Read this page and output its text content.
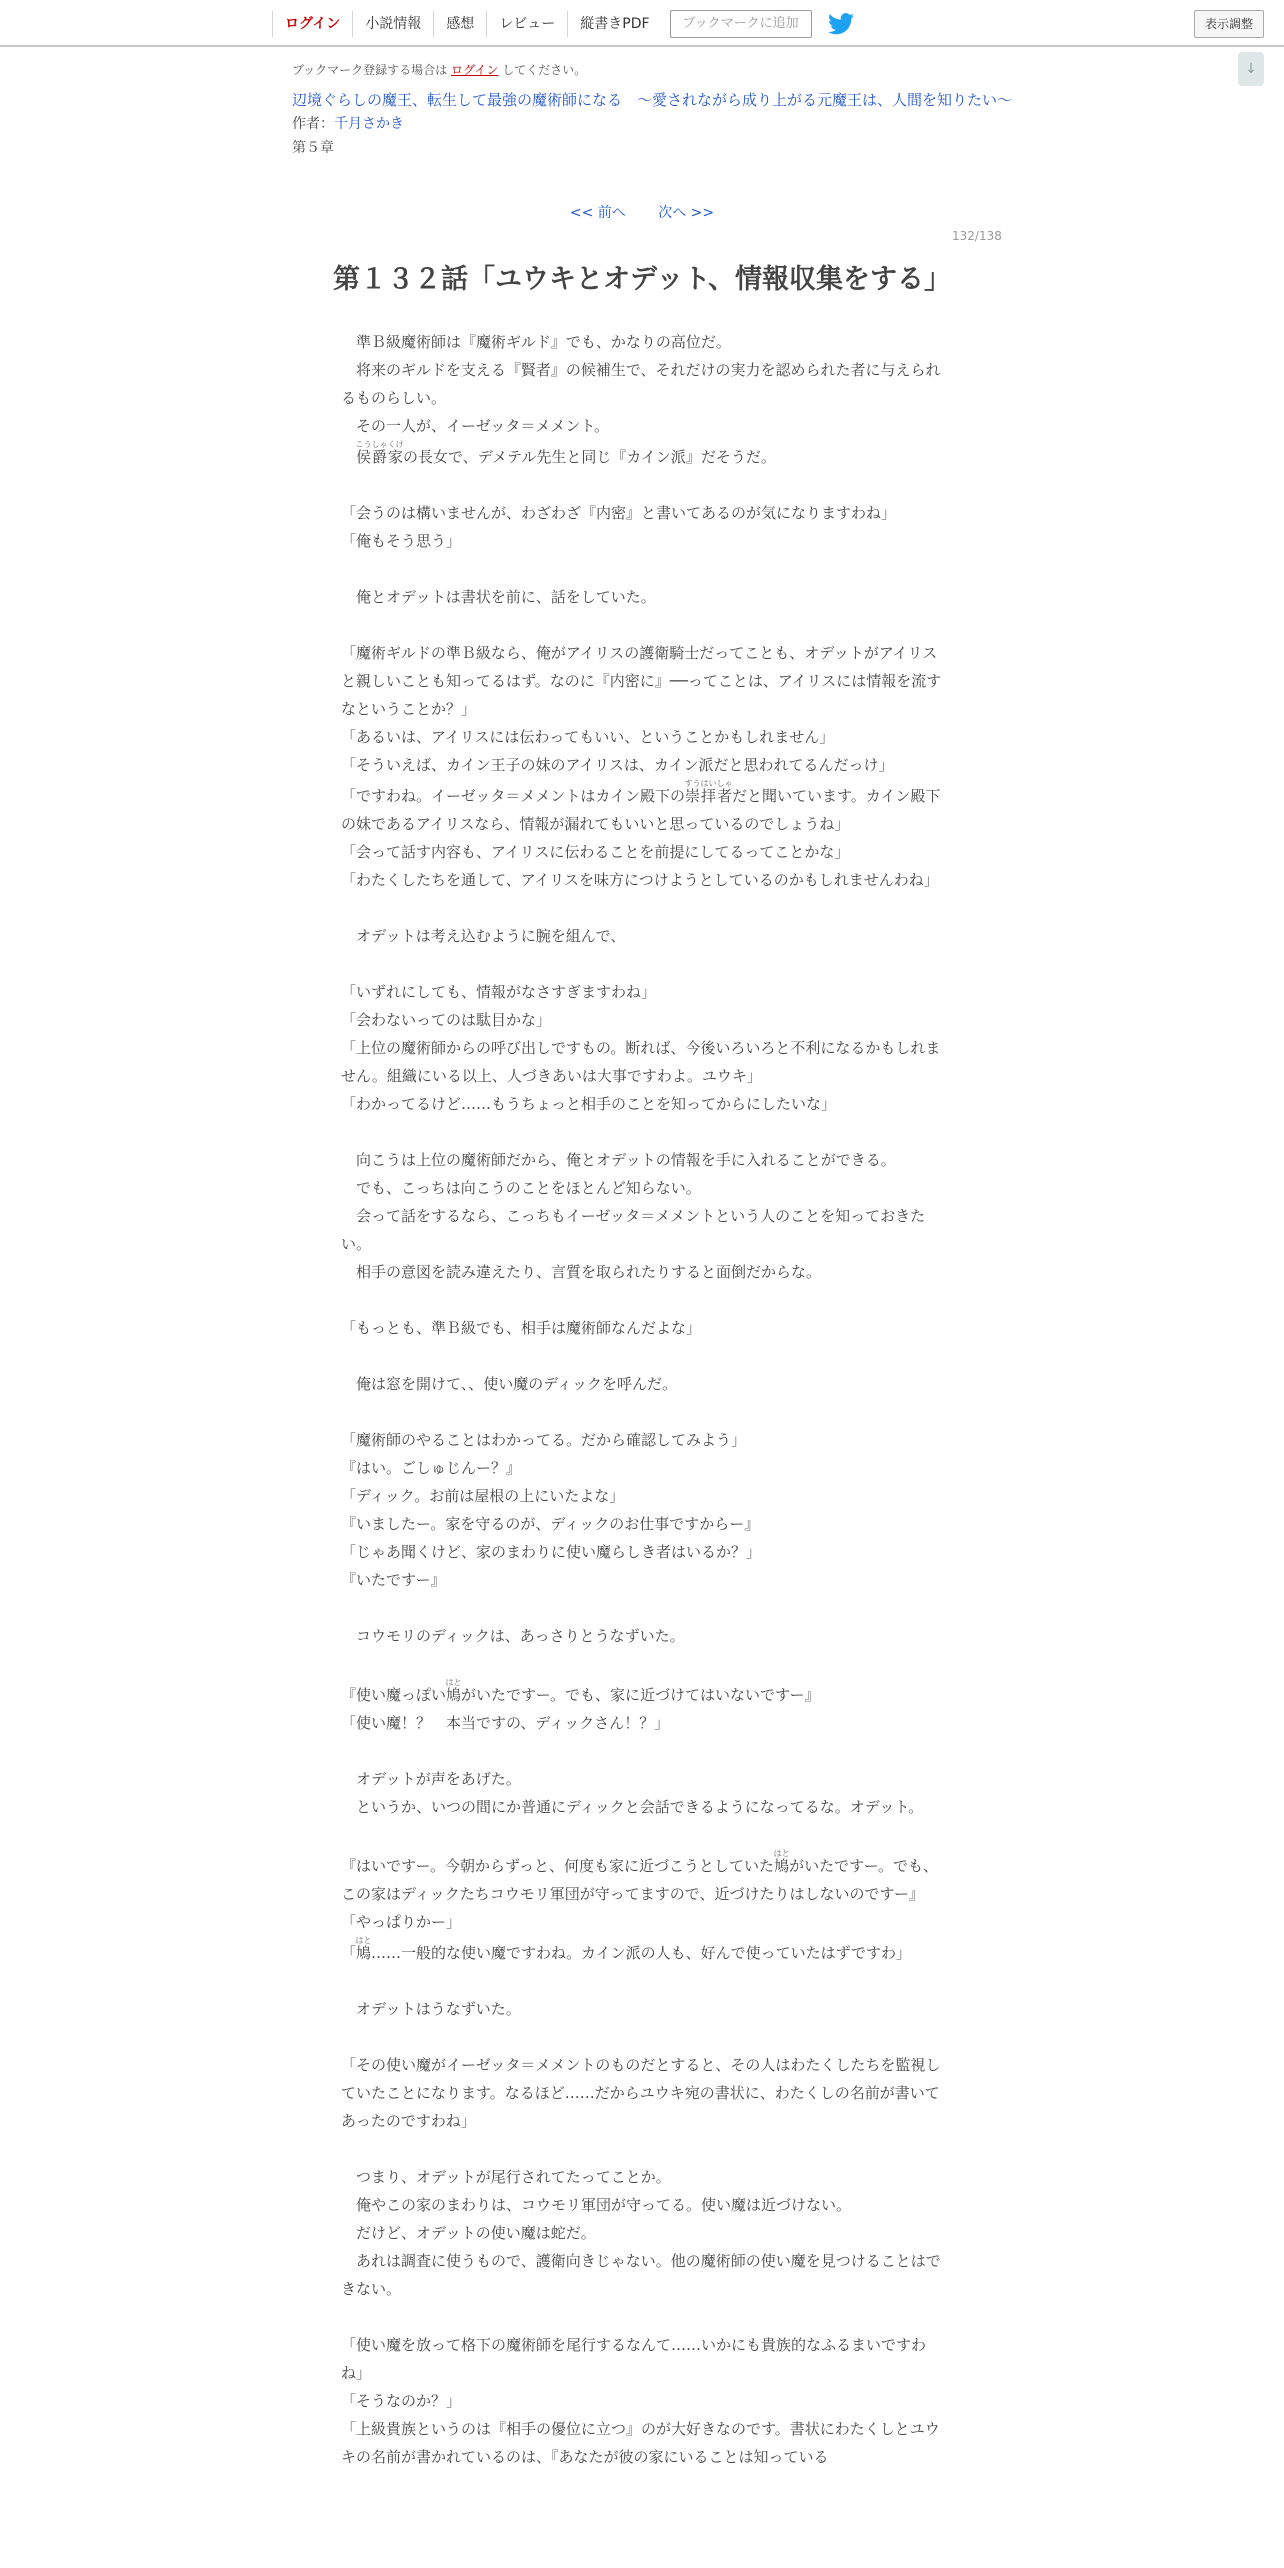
ログイン	小説情報	感想	レビュー	縦書きPDF	ブックマークに追加	表示調整
↓
ブックマーク登録する場合は ログイン してください。
辺境ぐらしの魔王、転生して最強の魔術師になる　〜愛されながら成り上がる元魔王は、人間を知りたい〜
作者：千月さかき
第５章
<< 前へ 次へ >>
132/138
第１３２話「ユウキとオデット、情報収集をする」

　準Ｂ級魔術師は『魔術ギルド』でも、かなりの高位だ。

　将来のギルドを支える『賢者』の候補生で、それだけの実力を認められた者に与えられるものらしい。

　その一人が、イーゼッタ＝メメント。

　侯爵家こうしゃくけの長女で、デメテル先生と同じ『カイン派』だそうだ。

「会うのは構いませんが、わざわざ『内密』と書いてあるのが気になりますわね」

「俺もそう思う」

　俺とオデットは書状を前に、話をしていた。

「魔術ギルドの準Ｂ級なら、俺がアイリスの護衛騎士だってことも、オデットがアイリスと親しいことも知ってるはず。なのに『内密に』──ってことは、アイリスには情報を流すなということか？」

「あるいは、アイリスには伝わってもいい、ということかもしれません」

「そういえば、カイン王子の妹のアイリスは、カイン派だと思われてるんだっけ」

「ですわね。イーゼッタ＝メメントはカイン殿下の崇拝者すうはいしゃだと聞いています。カイン殿下の妹であるアイリスなら、情報が漏れてもいいと思っているのでしょうね」

「会って話す内容も、アイリスに伝わることを前提にしてるってことかな」

「わたくしたちを通して、アイリスを味方につけようとしているのかもしれませんわね」

　オデットは考え込むように腕を組んで、

「いずれにしても、情報がなさすぎますわね」

「会わないってのは駄目かな」

「上位の魔術師からの呼び出しですもの。断れば、今後いろいろと不利になるかもしれません。組織にいる以上、人づきあいは大事ですわよ。ユウキ」

「わかってるけど……もうちょっと相手のことを知ってからにしたいな」

　向こうは上位の魔術師だから、俺とオデットの情報を手に入れることができる。

　でも、こっちは向こうのことをほとんど知らない。

　会って話をするなら、こっちもイーゼッタ＝メメントという人のことを知っておきたい。

　相手の意図を読み違えたり、言質を取られたりすると面倒だからな。

「もっとも、準Ｂ級でも、相手は魔術師なんだよな」

　俺は窓を開けて、、使い魔のディックを呼んだ。

「魔術師のやることはわかってる。だから確認してみよう」

『はい。ごしゅじんー？』

「ディック。お前は屋根の上にいたよな」

『いましたー。家を守るのが、ディックのお仕事ですからー』

「じゃあ聞くけど、家のまわりに使い魔らしき者はいるか？」

『いたですー』

　コウモリのディックは、あっさりとうなずいた。

『使い魔っぽい鳩はとがいたですー。でも、家に近づけてはいないですー』

「使い魔！？　本当ですの、ディックさん！？」

　オデットが声をあげた。

　というか、いつの間にか普通にディックと会話できるようになってるな。オデット。

『はいですー。今朝からずっと、何度も家に近づこうとしていた鳩はとがいたですー。でも、この家はディックたちコウモリ軍団が守ってますので、近づけたりはしないのですー』

「やっぱりかー」

「鳩はと……一般的な使い魔ですわね。カイン派の人も、好んで使っていたはずですわ」

　オデットはうなずいた。

「その使い魔がイーゼッタ＝メメントのものだとすると、その人はわたくしたちを監視していたことになります。なるほど……だからユウキ宛の書状に、わたくしの名前が書いてあったのですわね」

　つまり、オデットが尾行されてたってことか。

　俺やこの家のまわりは、コウモリ軍団が守ってる。使い魔は近づけない。

　だけど、オデットの使い魔は蛇だ。

　あれは調査に使うもので、護衛向きじゃない。他の魔術師の使い魔を見つけることはできない。

「使い魔を放って格下の魔術師を尾行するなんて……いかにも貴族的なふるまいですわね」

「そうなのか？」

「上級貴族というのは『相手の優位に立つ』のが大好きなのです。書状にわたくしとユウキの名前が書かれているのは、『あなたが彼の家にいることは知っている
